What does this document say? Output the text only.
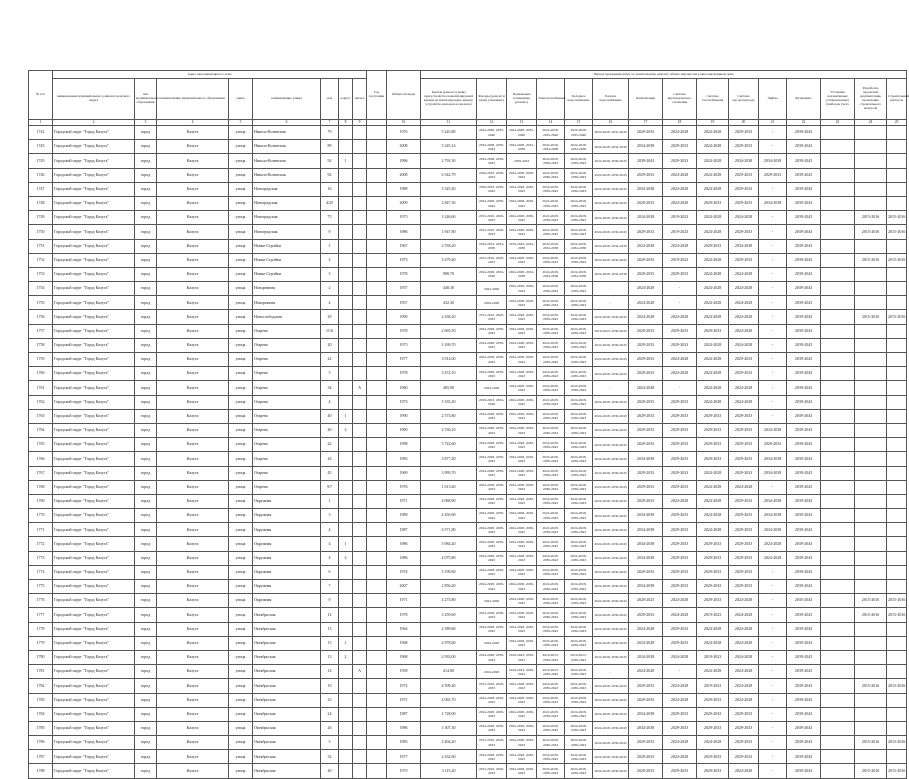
№ п/п	Адрес многоквартирного дома								Год постройки	Общая площадь	Период проведения работ по капитальному ремонту общего имущества в многоквартирном доме														
	наименование муниципального района/городского округа	тип муниципального образования	наименование муниципального образования	улица	наименование улицы	дом	корпус	литера			Кровля (ремонт и (или) переустройство невентилируемой крыши на вентилируемую крышу, устройство выходов на кровлю)	Фасады (ремонт и (или) утепление)	Подвальные помещения (ремонт)	Электроснабжение	Холодное водоснабжение	Горячее водоснабжение	Канализация	Система внутридомового отопления	Система газоснабжения	Система мусоропровода	Лифты	Фундамент	Установка коллективных (общедомовых) приборов учета	Разработка проектной документации, проведение строительного контроля	Строительный контроль

1	2	3	4	5	6	7	8	9		10	11	12	13	14	15	16	17	18	19	20	21	22	23	24	25
1742	Городской округ "Город Калуга"	город	Калуга	улица	Николо-Козинская	79				1976	5 245,80	2024-2028, 2035-2040	2024-2028, 2035-2040	2024-2028, 2035-2040	2024-2028, 2035-2040	2024-2028, 2035-2040	2029-2033	2024-2028	2024-2028	2029-2033	-	2039-2043			
1743	Городской округ "Город Калуга"	город	Калуга	улица	Николо-Козинская	89				2008	5 245,14	2034-2038, 2039-2043	2024-2028, 2034-2038	2024-2028, 2034-2038	2024-2028, 2034-2038	2024-2028, 2034-2038	2034-2038	2029-2033	2024-2028	2029-2033	-	2039-2043			
1745	Городской округ "Город Калуга"	город	Калуга	улица	Николо-Козинская	92	1			1996	2 791,30	2034-2038, 2039-2043	2039-2043	2024-2028, 2039-2043	2024-2028, 2039-2043	2024-2028, 2039-2043	2039-2043	2029-2033	2024-2028	2034-2038	2034-2038	2039-2043			
1746	Городской округ "Город Калуга"	город	Калуга	улица	Николо-Козинская	92				2008	6 542,79	2029-2033, 2039-2043	2024-2028, 2039-2043	2024-2028, 2039-2043	2024-2028, 2039-2043	2024-2028, 2039-2043	2029-2033	2024-2028	2024-2028	2029-2033	2029-2033	2039-2043			
1747	Городской округ "Город Калуга"	город	Калуга	улица	Новоградская	16				1988	5 325,40	2029-2033, 2039-2043	2024-2028, 2039-2043	2024-2028, 2039-2043	2024-2028, 2039-2043	2024-2028, 2039-2043	2034-2038	2024-2028	2024-2028	2029-2033	-	2039-2043			
1748	Городской округ "Город Калуга"	город	Калуга	улица	Новоградская	4/25				2009	2 847,30	2024-2028, 2039-2043	2024-2028, 2039-2043	2024-2028, 2039-2043	2024-2028, 2039-2043	2024-2028, 2039-2043	2029-2033	2024-2028	2029-2033	2029-2033	2034-2038	2039-2043			
1749	Городской округ "Город Калуга"	город	Калуга	улица	Новоградская	75				1973	3 246,60	2015-2016, 2029-2033	2024-2028, 2039-2043	2024-2028, 2039-2043	2024-2028, 2039-2043	2024-2028, 2039-2043	2024-2028	2019-2023	2024-2028	2024-2028	-	2039-2043		2015-2016	2015-2016
1750	Городской округ "Город Калуга"	город	Калуга	улица	Новоградская	9				1986	1 947,80	2015-2016, 2029-2033	2024-2028, 2039-2043	2024-2028, 2039-2043	2024-2028, 2039-2043	2024-2028, 2039-2043	2029-2033	2019-2023	2024-2028	2029-2033	-	2039-2043		2015-2016	2015-2016
1751	Городской округ "Город Калуга"	город	Калуга	улица	Новые Стройки	1				1967	2 558,20	2019-2023, 2034-2038	2019-2023, 2034-2038	2024-2028, 2034-2038	2024-2028, 2034-2038	2024-2028, 2034-2038	2024-2028	2024-2028	2029-2033	2034-2038	-	2039-2043			
1752	Городской округ "Город Калуга"	город	Калуга	улица	Новые Стройки	2				1973	3 479,40	2015-2016, 2029-2033	2024-2028, 2039-2043	2024-2028, 2039-2043	2024-2028, 2039-2043	2024-2028, 2039-2043	2029-2033	2019-2023	2024-2028	2029-2033	-	2039-2043		2015-2016	2015-2016
1753	Городской округ "Город Калуга"	город	Калуга	улица	Новые Стройки	3				1978	988,70	2024-2028, 2034-2038	2024-2028, 2034-2038	2024-2028, 2034-2038	2024-2028, 2034-2038	2024-2028, 2034-2038	2029-2033	2029-2033	2024-2028	2024-2028	-	2039-2043			
1754	Городской округ "Город Калуга"	город	Калуга	улица	Новорежная	2				1957	448,30	2024-2028	2024-2028, 2039-2043	2024-2028, 2039-2043	2024-2028, 2039-2043	-	2024-2028	-	2024-2028	2024-2028	-	2039-2043			
1755	Городской округ "Город Калуга"	город	Калуга	улица	Новорежная	4				1957	432,30	2024-2028	2024-2028, 2039-2043	2024-2028, 2039-2043	2024-2028, 2039-2043	-	2024-2028	-	2024-2028	2024-2028	-	2039-2043			
1756	Городской округ "Город Калуга"	город	Калуга	улица	Новослободская	29				1990	2 438,20	2015-2016, 2029-2033	2024-2028, 2039-2043	2024-2028, 2039-2043	2024-2028, 2039-2043	2024-2028, 2039-2043	2024-2028	2024-2028	2024-2028	2024-2028	-	2039-2043		2015-2016	2015-2016
1757	Городской округ "Город Калуга"	город	Калуга	улица	Огарева	11/6				1978	2 665,50	2024-2028, 2039-2043	2024-2028, 2039-2043	2024-2028, 2039-2043	2024-2028, 2039-2043	2019-2023, 2039-2043	2029-2033	2029-2033	2029-2033	2024-2028	-	2039-2043			
1758	Городской округ "Город Калуга"	город	Калуга	улица	Огарева	20				1973	3 169,70	2024-2028, 2039-2043	2024-2028, 2039-2043	2024-2028, 2039-2043	2024-2028, 2039-2043	2024-2028, 2039-2043	2029-2033	2029-2033	2024-2028	2024-2028	-	2039-2043			
1759	Городской округ "Город Калуга"	город	Калуга	улица	Огарева	22				1977	3 914,00	2024-2028, 2039-2043	2024-2028, 2039-2043	2024-2028, 2039-2043	2024-2028, 2039-2043	2024-2028, 2039-2043	2029-2033	2024-2028	2024-2028	2029-2033	-	2039-2043			
1760	Городской округ "Город Калуга"	город	Калуга	улица	Огарева	3				1978	3 472,10	2024-2028, 2039-2043	2024-2028, 2039-2043	2024-2028, 2039-2043	2024-2028, 2039-2043	2024-2028, 2039-2043	2029-2033	2024-2028	2024-2028	2029-2033	-	2039-2043			
1761	Городской округ "Город Калуга"	город	Калуга	улица	Огарева	34		А		1960	405,90	2024-2028	2024-2028, 2039-2043	2024-2028, 2039-2043	2024-2028, 2039-2043	-	2024-2028	-	2024-2028	2024-2028	-	2039-2043			
1762	Городской округ "Город Калуга"	город	Калуга	улица	Огарева	4				1973	3 335,20	2019-2023, 2034-2038	2024-2028, 2039-2043	2024-2028, 2039-2043	2024-2028, 2039-2043	2024-2028, 2039-2043	2029-2033	2029-2033	2024-2028	2024-2028	-	2039-2043			
1763	Городской округ "Город Калуга"	город	Калуга	улица	Огарева	40	1			1990	2 573,80	2024-2028, 2039-2043	2024-2028, 2039-2043	2024-2028, 2039-2043	2024-2028, 2039-2043	2024-2028, 2039-2043	2029-2033	2029-2033	2029-2033	2029-2033	-	2039-2043			
1764	Городской округ "Город Калуга"	город	Калуга	улица	Огарева	40	2			1990	2 536,10	2024-2028, 2039-2043	2024-2028, 2039-2043	2024-2028, 2039-2043	2024-2028, 2039-2043	2024-2028, 2039-2043	2029-2033	2029-2033	2029-2033	2029-2033	2034-2038	2039-2043			
1765	Городской округ "Город Калуга"	город	Калуга	улица	Огарева	42				1998	5 722,60	2024-2028, 2039-2043	2024-2028, 2039-2043	2024-2028, 2039-2043	2024-2028, 2039-2043	2024-2028, 2039-2043	2029-2033	2029-2033	2029-2033	2029-2033	2029-2033	2039-2043			
1766	Городской округ "Город Калуга"	город	Калуга	улица	Огарева	44				1983	3 877,20	2024-2028, 2039-2043	2024-2028, 2039-2043	2024-2028, 2039-2043	2024-2028, 2039-2043	2024-2028, 2039-2043	2034-2038	2029-2033	2029-2033	2029-2033	2034-2038	2039-2043			
1767	Городской округ "Город Калуга"	город	Калуга	улица	Огарева	45				1969	3 995,70	2024-2028, 2039-2043	2024-2028, 2039-2043	2024-2028, 2039-2043	2024-2028, 2039-2043	2024-2028, 2039-2043	2029-2033	2029-2033	2024-2028	2029-2033	2034-2038	2039-2043			
1768	Городской округ "Город Калуга"	город	Калуга	улица	Огарева	9/7				1976	1 613,40	2024-2028, 2039-2043	2024-2028, 2039-2043	2024-2028, 2039-2043	2024-2028, 2039-2043	2024-2028, 2039-2043	2029-2033	2029-2033	2024-2028	2024-2028	-	2039-2043			
1769	Городской округ "Город Калуга"	город	Калуга	улица	Окружная	1				1971	4 068,90	2024-2028, 2039-2043	2024-2028, 2039-2043	2024-2028, 2039-2043	2024-2028, 2039-2043	2024-2028, 2039-2043	2029-2033	2024-2028	2024-2028	2029-2033	2034-2038	2039-2043			
1770	Городской округ "Город Калуга"	город	Калуга	улица	Окружная	3				1989	4 456,90	2024-2028, 2039-2043	2024-2028, 2039-2043	2024-2028, 2039-2043	2024-2028, 2039-2043	2024-2028, 2039-2043	2034-2038	2029-2033	2024-2028	2029-2033	2034-2038	2039-2043			
1771	Городской округ "Город Калуга"	город	Калуга	улица	Окружная	4				1987	6 571,80	2024-2028, 2039-2043	2024-2028, 2039-2043	2024-2028, 2039-2043	2024-2028, 2039-2043	2024-2028, 2039-2043	2034-2038	2029-2033	2024-2028	2029-2033	2034-2038	2039-2043			
1772	Городской округ "Город Калуга"	город	Калуга	улица	Окружная	4	1			1986	3 984,20	2024-2028, 2039-2043	2024-2028, 2039-2043	2024-2028, 2039-2043	2024-2028, 2039-2043	2024-2028, 2039-2043	2034-2038	2029-2033	2029-2033	2029-2033	2024-2028	2039-2043			
1773	Городской округ "Город Калуга"	город	Калуга	улица	Окружная	4	2			1986	4 075,80	2024-2028, 2039-2043	2024-2028, 2039-2043	2024-2028, 2039-2043	2024-2028, 2039-2043	2024-2028, 2039-2043	2034-2038	2029-2033	2029-2033	2029-2033	2024-2028	2039-2043			
1774	Городской округ "Город Калуга"	город	Калуга	улица	Окружная	6				1974	3 199,60	2024-2028, 2039-2043	2024-2028, 2039-2043	2024-2028, 2039-2043	2024-2028, 2039-2043	2024-2028, 2039-2043	2029-2033	2029-2033	2029-2033	2029-2033	-	2039-2043			
1775	Городской округ "Город Калуга"	город	Калуга	улица	Окружная	7				2007	2 856,20	2024-2028, 2039-2043	2024-2028, 2039-2043	2024-2028, 2039-2043	2024-2028, 2039-2043	2024-2028, 2039-2043	2034-2038	2029-2033	2029-2033	2029-2033	-	2039-2043			
1776	Городской округ "Город Калуга"	город	Калуга	улица	Окружная	9				1971	4 275,80	2024-2028	2024-2028, 2039-2043	2024-2028, 2039-2043	2024-2028, 2039-2043	2024-2028, 2039-2043	2020-2023	2024-2028	2029-2033	2024-2028	-	2035-2043		2015-2016	2015-2016
1777	Городской округ "Город Калуга"	город	Калуга	улица	Октябрьская	12				1978	3 259,60	2024-2028, 2039-2043	2024-2028, 2039-2043	2024-2028, 2039-2043	2024-2028, 2039-2043	2024-2028, 2039-2043	2029-2033	2024-2028	2019-2023	2024-2028	-	2039-2043		2015-2016	2015-2016
1778	Городской округ "Город Калуга"	город	Калуга	улица	Октябрьская	13				1964	2 389,60	2024-2028, 2039-2043	2024-2028, 2039-2043	2024-2028, 2039-2043	2024-2028, 2039-2043	2024-2028, 2039-2043	2024-2028	2029-2033	2024-2028	2024-2028	-	2039-2043			
1779	Городской округ "Город Калуга"	город	Калуга	улица	Октябрьская	13	1			1968	2 878,60	2024-2028	2024-2028, 2039-2043	2024-2028, 2039-2043	2024-2028, 2039-2043	2024-2028, 2039-2043	2024-2028	2029-2033	2024-2028	2024-2028	-	2039-2043			
1780	Городской округ "Город Калуга"	город	Калуга	улица	Октябрьская	13	2			1968	2 933,00	2024-2028, 2039-2043	2019-2023, 2039-2043	2019-2023, 2039-2043	2019-2023, 2039-2043	2024-2028, 2039-2043	2024-2028	2024-2028	2019-2023	2024-2028	-	2039-2043			
1781	Городской округ "Город Калуга"	город	Калуга	улица	Октябрьская	14		А		1958	414,80	2024-2028	2019-2023, 2039-2043	2019-2023, 2039-2043	2024-2028, 2039-2043	-	2024-2028	-	2024-2028	2024-2028	-	2039-2043			
1782	Городской округ "Город Калуга"	город	Калуга	улица	Октябрьская	19				1972	4 509,40	2015-2016, 2029-2033	2024-2028, 2039-2043	2024-2028, 2039-2043	2024-2028, 2039-2043	2024-2028, 2039-2043	2029-2033	2024-2028	2019-2023	2024-2028	-	2039-2043		2015-2016	2015-2016
1783	Городской округ "Город Калуга"	город	Калуга	улица	Октябрьская	23				1972	4 065,70	2024-2028, 2039-2043	2024-2028, 2039-2043	2024-2028, 2039-2043	2024-2028, 2039-2043	2024-2028, 2039-2043	2029-2033	2024-2028	2029-2033	2024-2028	-	2039-2043			
1784	Городской округ "Город Калуга"	город	Калуга	улица	Октябрьская	24				1987	1 728,00	2024-2028, 2039-2043	2024-2028, 2039-2043	2024-2028, 2039-2043	2024-2028, 2039-2043	2024-2028, 2039-2043	2034-2038	2029-2033	2029-2033	2029-2033	-	2039-2043			
1785	Городской округ "Город Калуга"	город	Калуга	улица	Октябрьская	26				1986	1 307,30	2024-2028, 2039-2043	2024-2028, 2039-2043	2024-2028, 2039-2043	2024-2028, 2039-2043	2024-2028, 2039-2043	2034-2038	2029-2033	2029-2033	2029-2033	-	2039-2043			
1786	Городской округ "Город Калуга"	город	Калуга	улица	Октябрьская	3				1983	3 404,20	2015-2016, 2029-2033	2024-2028, 2039-2043	2024-2028, 2039-2043	2024-2028, 2039-2043	2024-2028, 2039-2043	2029-2033	2024-2028	2024-2028	2029-2033	-	2039-2043		2015-2016	2015-2016
1787	Городской округ "Город Калуга"	город	Калуга	улица	Октябрьская	32				1977	2 432,60	2024-2028, 2039-2043	2024-2028, 2039-2043	2024-2028, 2039-2043	2024-2028, 2039-2043	2024-2028, 2039-2043	2029-2033	2024-2028	2029-2033	2029-2033	-	2039-2043			
1788	Городской округ "Город Калуга"	город	Калуга	улица	Октябрьская	40				1973	3 115,20	2015-2016, 2029-2033	2024-2028, 2039-2043	2024-2028, 2039-2043	2024-2028, 2039-2043	2024-2028, 2039-2043	2029-2033	2029-2033	2029-2033	2024-2028	-	2039-2043		2015-2016	2015-2016
